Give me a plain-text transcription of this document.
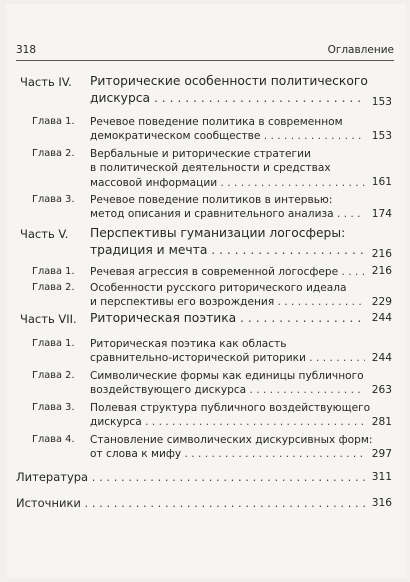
318	Оглавление
Часть IV. Риторические особенности политического
дискурса . . .	153
Глава 1. Речевое поведение политика в современном
демократическом сообществе . . .	153
Глава 2. Вербальные и риторические стратегии
в политической деятельности и средствах
массовой информации . . .	161
Глава 3. Речевое поведение политиков в интервью:
метод описания и сравнительного анализа . . .	174
Часть V. Перспективы гуманизации логосферы:
традиция и мечта . . .	216
Глава 1. Речевая агрессия в современной логосфере . . .	216
Глава 2. Особенности русского риторического идеала
и перспективы его возрождения . . .	229
Часть VII. Риторическая поэтика . . .	244
Глава 1. Риторическая поэтика как область
сравнительно-исторической риторики . . .	244
Глава 2. Символические формы как единицы публичного
воздействующего дискурса . . .	263
Глава 3. Полевая структура публичного воздействующего
дискурса . . .	281
Глава 4. Становление символических дискурсивных форм:
от слова к мифу . . .	297
Литература . . .	311
Источники . . .	316
